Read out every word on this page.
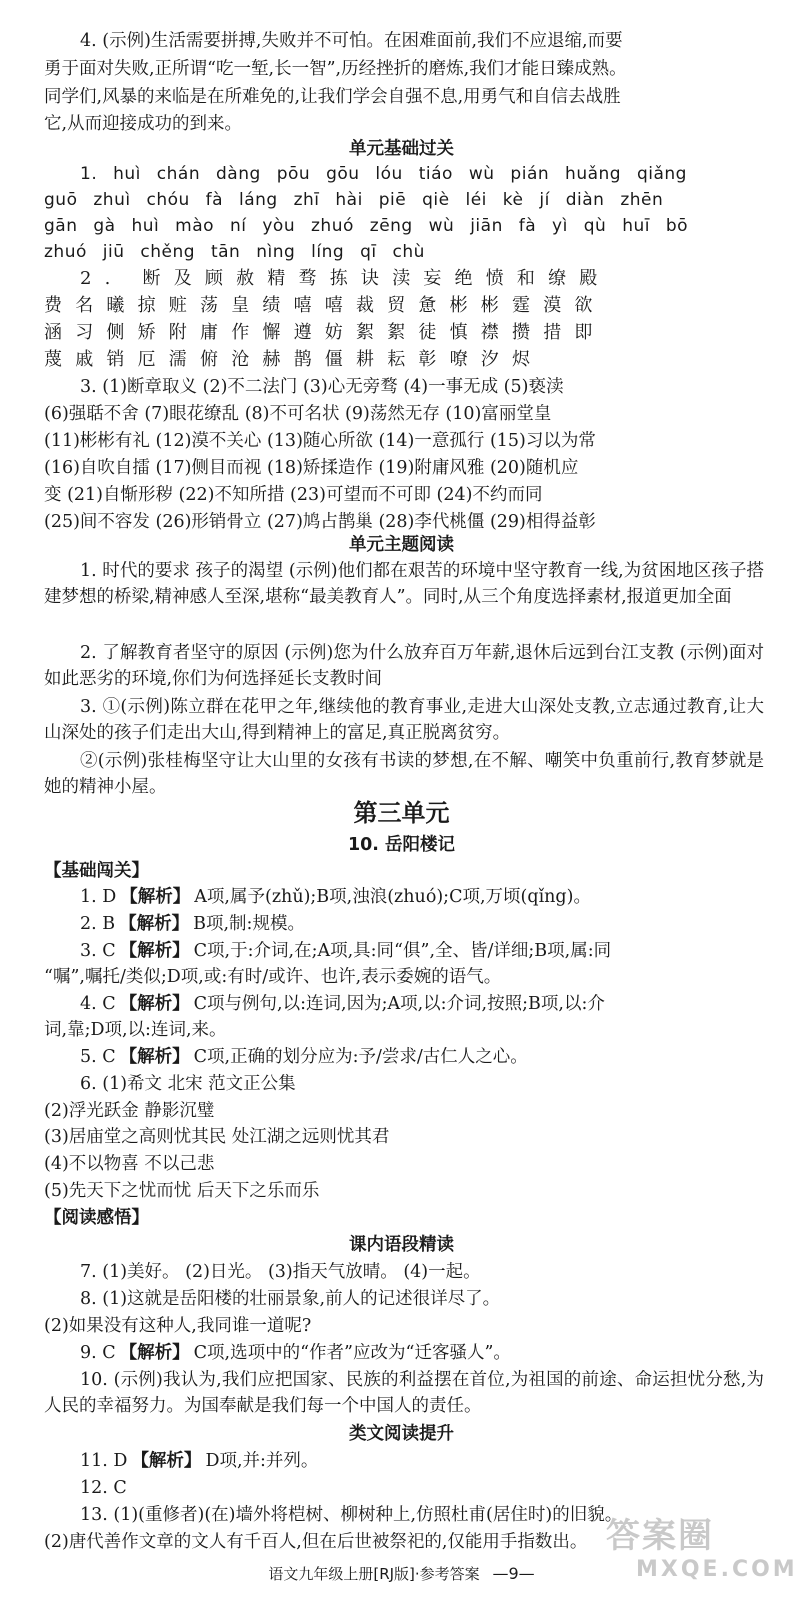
4. (示例)生活需要拼搏,失败并不可怕。在困难面前,我们不应退缩,而要
勇于面对失败,正所谓“吃一堑,长一智”,历经挫折的磨炼,我们才能日臻成熟。
同学们,风暴的来临是在所难免的,让我们学会自强不息,用勇气和自信去战胜
它,从而迎接成功的到来。
单元基础过关
1. huì chán dàng pōu gōu lóu tiáo wù pián huǎng qiǎng
guō zhuì chóu fà láng zhī hài piē qiè léi kè jí diàn zhēn
gān gà huì mào ní yòu zhuó zēng wù jiān fà yì qù huī bō
zhuó jiū chěng tān nìng líng qī chù
2. 断及顾赦精骛拣诀渎妄绝愤和缭殿
费名曦掠赃荡皇绩嘻嘻裁贸惫彬彬霆漠欲
涵习侧矫附庸作懈遵妨絮絮徒慎襟攒措即
蔑戚销厄濡俯沧赫鹊僵耕耘彰嘹汐烬
3. (1)断章取义 (2)不二法门 (3)心无旁骛 (4)一事无成 (5)亵渎
(6)强聒不舍 (7)眼花缭乱 (8)不可名状 (9)荡然无存 (10)富丽堂皇
(11)彬彬有礼 (12)漠不关心 (13)随心所欲 (14)一意孤行 (15)习以为常
(16)自吹自擂 (17)侧目而视 (18)矫揉造作 (19)附庸风雅 (20)随机应
变 (21)自惭形秽 (22)不知所措 (23)可望而不可即 (24)不约而同
(25)间不容发 (26)形销骨立 (27)鸠占鹊巢 (28)李代桃僵 (29)相得益彰
单元主题阅读
1. 时代的要求 孩子的渴望 (示例)他们都在艰苦的环境中坚守教育一线,为贫困地区孩子搭建梦想的桥梁,精神感人至深,堪称“最美教育人”。同时,从三个角度选择素材,报道更加全面
2. 了解教育者坚守的原因 (示例)您为什么放弃百万年薪,退休后远到台江支教 (示例)面对如此恶劣的环境,你们为何选择延长支教时间
3. ①(示例)陈立群在花甲之年,继续他的教育事业,走进大山深处支教,立志通过教育,让大山深处的孩子们走出大山,得到精神上的富足,真正脱离贫穷。
②(示例)张桂梅坚守让大山里的女孩有书读的梦想,在不解、嘲笑中负重前行,教育梦就是她的精神小屋。
第三单元
10. 岳阳楼记
【基础闯关】
1. D 【解析】 A项,属予(zhǔ);B项,浊浪(zhuó);C项,万顷(qǐng)。
2. B 【解析】 B项,制:规模。
3. C 【解析】 C项,于:介词,在;A项,具:同“俱”,全、皆/详细;B项,属:同
“嘱”,嘱托/类似;D项,或:有时/或许、也许,表示委婉的语气。
4. C 【解析】 C项与例句,以:连词,因为;A项,以:介词,按照;B项,以:介
词,靠;D项,以:连词,来。
5. C 【解析】 C项,正确的划分应为:予/尝求/古仁人之心。
6. (1)希文 北宋 范文正公集
(2)浮光跃金 静影沉璧
(3)居庙堂之高则忧其民 处江湖之远则忧其君
(4)不以物喜 不以己悲
(5)先天下之忧而忧 后天下之乐而乐
【阅读感悟】
课内语段精读
7. (1)美好。 (2)日光。 (3)指天气放晴。 (4)一起。
8. (1)这就是岳阳楼的壮丽景象,前人的记述很详尽了。
(2)如果没有这种人,我同谁一道呢?
9. C 【解析】 C项,选项中的“作者”应改为“迁客骚人”。
10. (示例)我认为,我们应把国家、民族的利益摆在首位,为祖国的前途、命运担忧分愁,为人民的幸福努力。为国奉献是我们每一个中国人的责任。
类文阅读提升
11. D 【解析】 D项,并:并列。
12. C
13. (1)(重修者)(在)墙外将桤树、柳树种上,仿照杜甫(居住时)的旧貌。
(2)唐代善作文章的文人有千百人,但在后世被祭祀的,仅能用手指数出。
语文九年级上册[RJ版]·参考答案 —9—
答案圈
MXQE.COM
